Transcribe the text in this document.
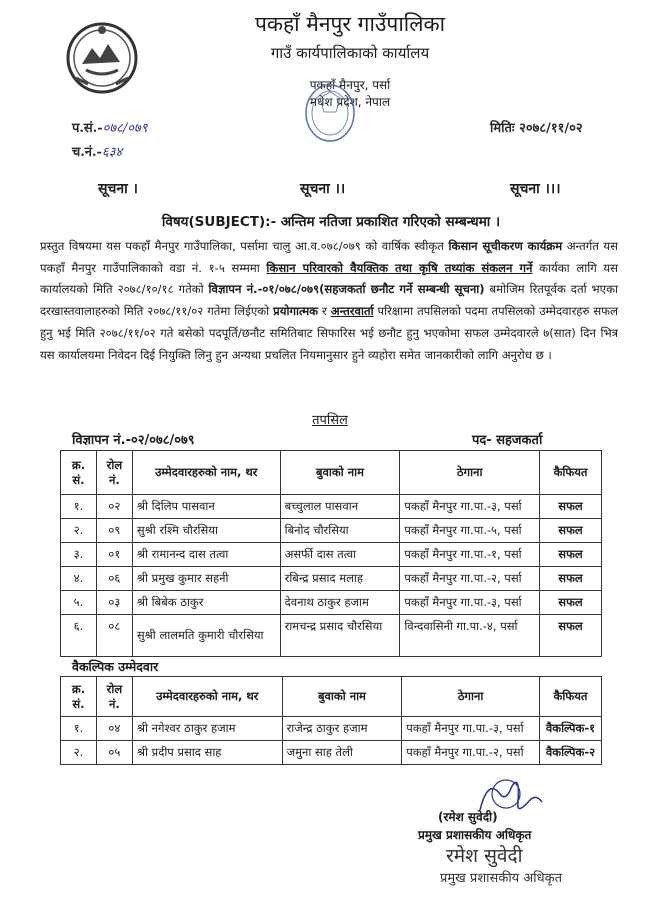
पकहाँ मैनपुर गाउँपालिका
गाउँ कार्यपालिकाको कार्यालय
पकहाँ मैनपुर, पर्सा
मधेश प्रदेश, नेपाल
प.सं.-०७८/०७९
च.नं.-६३४
मितिः २०७८/११/०२
सूचना ।	सूचना ।।	सूचना ।।।
विषय(SUBJECT):- अन्तिम नतिजा प्रकाशित गरिएको सम्बन्धमा ।
प्रस्तुत विषयमा यस पकहाँ मैनपुर गाउँपालिका, पर्सामा चालु आ.व.०७८/०७९ को वार्षिक स्वीकृत किसान सूचीकरण कार्यक्रम अन्तर्गत यस पकहाँ मैनपुर गाउँपालिकाको वडा नं. १-५ सम्ममा किसान परिवारको वैयक्तिक तथा कृषि तथ्यांक संकलन गर्ने कार्यका लागि यस कार्यालयको मिति २०७८/१०/१८ गतेको विज्ञापन नं.-०१/०७८/०७९(सहजकर्ता छनौट गर्ने सम्बन्धी सूचना) बमोजिम रितपूर्वक दर्ता भएका दरखास्तवालाहरुको मिति २०७८/११/०२ गतेमा लिईएको प्रयोगात्मक र अन्तरवार्ता परिक्षामा तपसिलको पदमा तपसिलको उम्मेदवारहरु सफल हुनु भई मिति २०७८/११/०२ गते बसेको पदपूर्ति/छनौट समितिबाट सिफारिस भई छनौट हुनु भएकोमा सफल उम्मेदवारले ७(सात) दिन भित्र यस कार्यालयमा निवेदन दिई नियुक्ति लिनु हुन अन्यथा प्रचलित नियमानुसार हुने व्यहोरा समेत जानकारीको लागि अनुरोध छ ।
तपसिल
विज्ञापन नं.-०२/०७८/०७९	पद- सहजकर्ता
क्र. सं.	रोल नं.	उम्मेदवारहरुको नाम, थर	बुवाको नाम	ठेगाना	कैफियत
१.	०२	श्री दिलिप पासवान	बच्चुलाल पासवान	पकहाँ मैनपुर गा.पा.-३, पर्सा	सफल
२.	०९	सुश्री रश्मि चौरसिया	बिनोद चौरसिया	पकहाँ मैनपुर गा.पा.-५, पर्सा	सफल
३.	०१	श्री रामानन्द दास तत्वा	असर्फी दास तत्वा	पकहाँ मैनपुर गा.पा.-१, पर्सा	सफल
४.	०६	श्री प्रमुख कुमार सहनी	रबिन्द्र प्रसाद मलाह	पकहाँ मैनपुर गा.पा.-२, पर्सा	सफल
५.	०३	श्री बिबेक ठाकुर	देवनाथ ठाकुर हजाम	पकहाँ मैनपुर गा.पा.-३, पर्सा	सफल
६.	०८	सुश्री लालमति कुमारी चौरसिया	रामचन्द्र प्रसाद चौरसिया	विन्दवासिनी गा.पा.-४, पर्सा	सफल
वैकल्पिक उम्मेदवार
क्र. सं.	रोल नं.	उम्मेदवारहरुको नाम, थर	बुवाको नाम	ठेगाना	कैफियत
१.	०४	श्री नगेश्वर ठाकुर हजाम	राजेन्द्र ठाकुर हजाम	पकहाँ मैनपुर गा.पा.-३, पर्सा	वैकल्पिक-१
२.	०५	श्री प्रदीप प्रसाद साह	जमुना साह तेली	पकहाँ मैनपुर गा.पा.-२, पर्सा	वैकल्पिक-२
(रमेश सुवेदी)
प्रमुख प्रशासकीय अधिकृत
रमेश सुवेदी
प्रमुख प्रशासकीय अधिकृत
